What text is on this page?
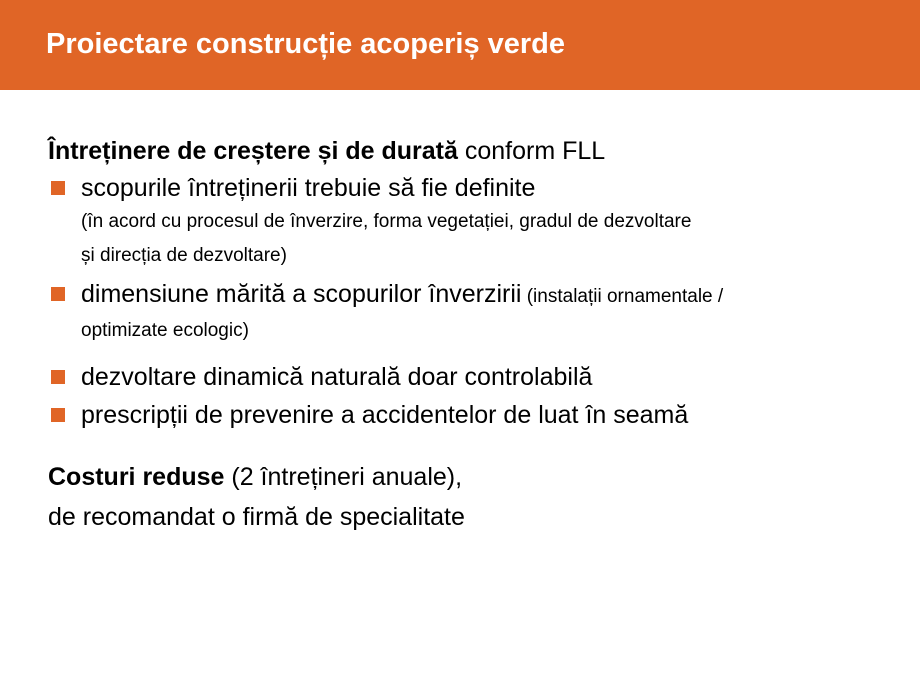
Proiectare construcție acoperiș verde
Întreținere de creștere și de durată conform FLL
scopurile întreținerii trebuie să fie definite
(în acord cu procesul de înverzire, forma vegetației, gradul de dezvoltare
și direcția de dezvoltare)
dimensiune mărită a scopurilor înverzirii (instalații ornamentale /
optimizate ecologic)
dezvoltare dinamică naturală doar controlabilă
prescripții de prevenire a accidentelor de luat în seamă
Costuri reduse (2 întrețineri anuale),
de recomandat o firmă de specialitate
